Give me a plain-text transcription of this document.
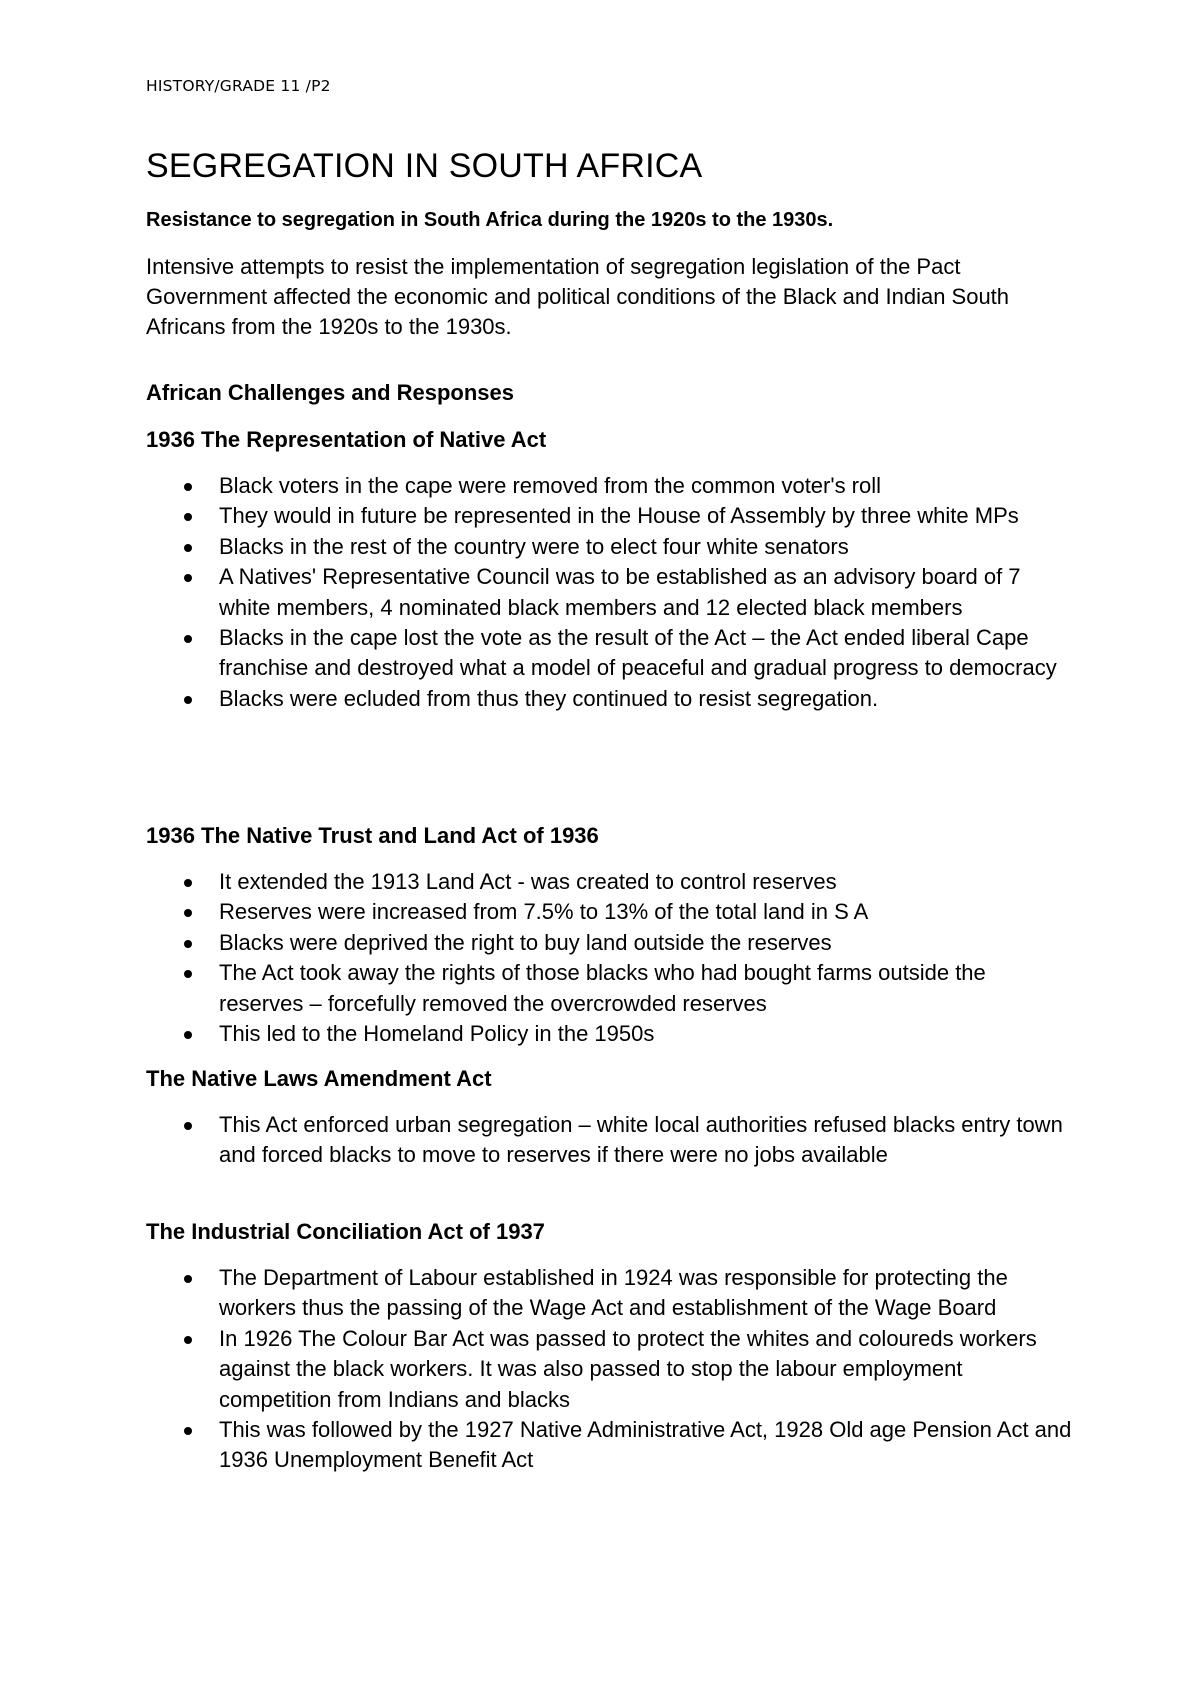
HISTORY/GRADE 11 /P2
SEGREGATION IN SOUTH AFRICA
Resistance to segregation in South Africa during the 1920s to the 1930s.

Intensive attempts to resist the implementation of segregation legislation of the Pact Government affected the economic and political conditions of the Black and Indian South Africans from the 1920s to the 1930s.

African Challenges and Responses
1936 The Representation of Native Act
Black voters in the cape were removed from the common voter's roll
They would in future be represented in the House of Assembly by three white MPs
Blacks in the rest of the country were to elect four white senators
A Natives' Representative Council was to be established as an advisory board of 7 white members, 4 nominated black members and 12 elected black members
Blacks in the cape lost the vote as the result of the Act – the Act ended liberal Cape franchise and destroyed what a model of peaceful and gradual progress to democracy
Blacks were ecluded from thus they continued to resist segregation.
1936 The Native Trust and Land Act of 1936
It extended the 1913 Land Act - was created to control reserves
Reserves were increased from 7.5% to 13% of the total land in S A
Blacks were deprived the right to buy land outside the reserves
The Act took away the rights of those blacks who had bought farms outside the reserves – forcefully removed the overcrowded reserves
This led to the Homeland Policy in the 1950s
The Native Laws Amendment Act
This Act enforced urban segregation – white local authorities refused blacks entry town and forced blacks to move to reserves if there were no jobs available
The Industrial Conciliation Act of 1937
The Department of Labour established in 1924 was responsible for protecting the workers thus the passing of the Wage Act and establishment of the Wage Board
In 1926 The Colour Bar Act was passed to protect the whites and coloureds workers against the black workers. It was also passed to stop the labour employment competition from Indians and blacks
This was followed by the 1927 Native Administrative Act, 1928 Old age Pension Act and 1936 Unemployment Benefit Act
